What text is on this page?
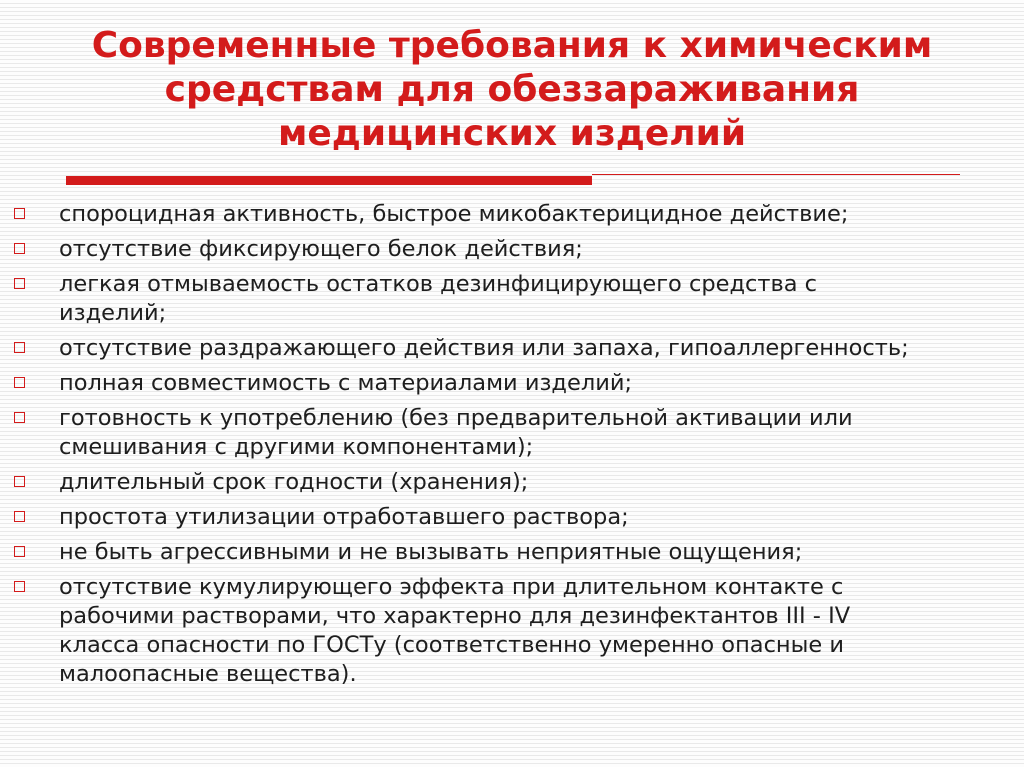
Современные требования к химическим
средствам для обеззараживания
медицинских изделий
спороцидная активность, быстрое микобактерицидное действие;
отсутствие фиксирующего белок действия;
легкая отмываемость остатков дезинфицирующего средства с
изделий;
отсутствие раздражающего действия или запаха, гипоаллергенность;
полная совместимость с материалами изделий;
готовность к употреблению (без предварительной активации или
смешивания с другими компонентами);
длительный срок годности (хранения);
простота утилизации отработавшего раствора;
не быть агрессивными и не вызывать неприятные ощущения;
отсутствие кумулирующего эффекта при длительном контакте с
рабочими растворами, что характерно для дезинфектантов III - IV
класса опасности по ГОСТу (соответственно умеренно опасные и
малоопасные вещества).
